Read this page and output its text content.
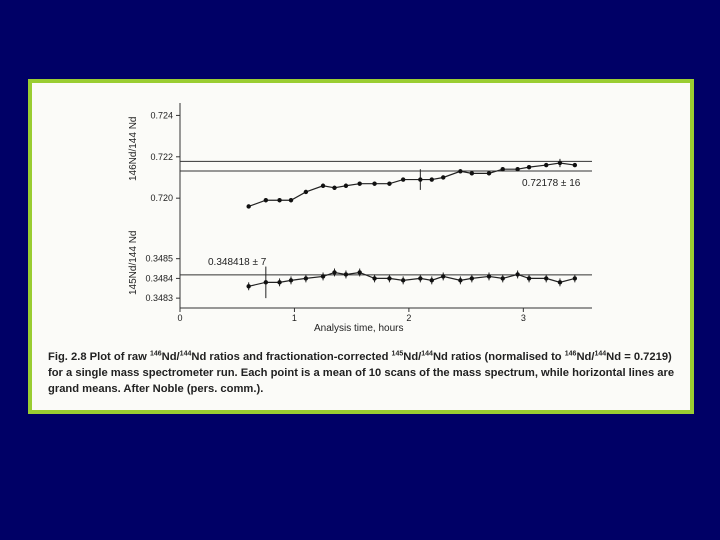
0.724
0.722
0.720
0.3485
0.3484
0.3483
0	1	2	3
146Nd/144 Nd
145Nd/144 Nd
0.72178 ± 16
0.348418 ± 7
Analysis time, hours
Fig. 2.8 Plot of raw $^{146}$Nd/$^{144}$Nd ratios and fractionation-corrected $^{145}$Nd/$^{144}$Nd ratios (normalised to $^{146}$Nd/$^{144}$Nd = 0.7219) for a single mass spectrometer run. Each point is a mean of 10 scans of the mass spectrum, while horizontal lines are grand means. After Noble (pers. comm.).
